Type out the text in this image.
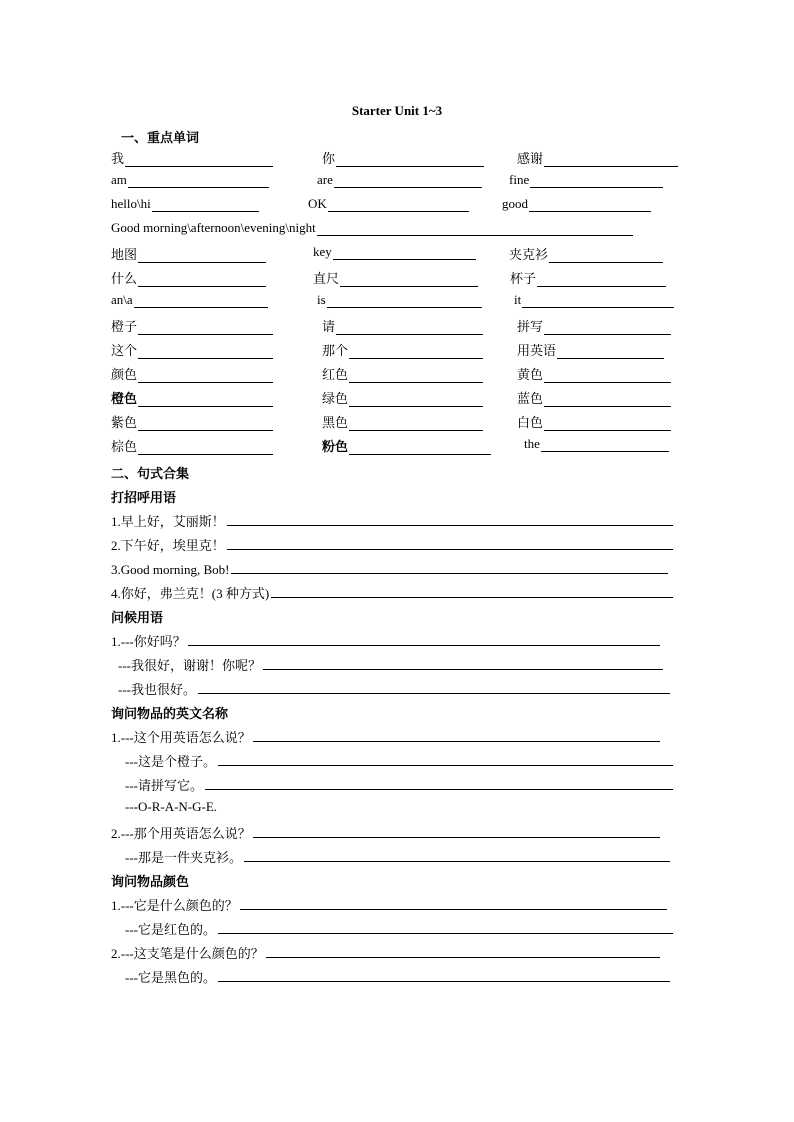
Starter Unit 1~3
一、重点单词
我	你	感谢
am	are	fine
hello\hi	OK	good
Good morning\afternoon\evening\night
地图	key	夹克衫
什么	直尺	杯子
an\a	is	it
橙子	请	拼写
这个	那个	用英语
颜色	红色	黄色
橙色	绿色	蓝色
紫色	黑色	白色
棕色	粉色	the
二、句式合集
打招呼用语
1.早上好，艾丽斯！
2.下午好，埃里克！
3.Good morning, Bob!
4.你好，弗兰克！(3 种方式)
问候用语
1.---你好吗？
---我很好，谢谢！你呢？
---我也很好。
询问物品的英文名称
1.---这个用英语怎么说？
---这是个橙子。
---请拼写它。
---O-R-A-N-G-E.
2.---那个用英语怎么说？
---那是一件夹克衫。
询问物品颜色
1.---它是什么颜色的？
---它是红色的。
2.---这支笔是什么颜色的？
---它是黑色的。
